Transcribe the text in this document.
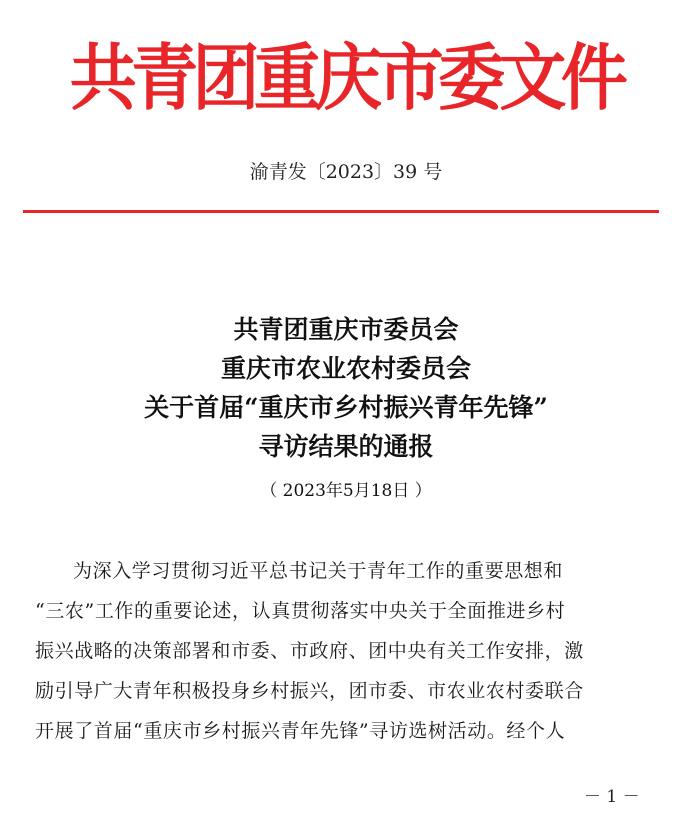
共青团重庆市委文件
渝青发〔2023〕39 号
共青团重庆市委员会
重庆市农业农村委员会
关于首届“重庆市乡村振兴青年先锋”
寻访结果的通报
（ 2023年5月18日 ）
为深入学习贯彻习近平总书记关于青年工作的重要思想和
“三农”工作的重要论述，认真贯彻落实中央关于全面推进乡村
振兴战略的决策部署和市委、市政府、团中央有关工作安排，激
励引导广大青年积极投身乡村振兴，团市委、市农业农村委联合
开展了首届“重庆市乡村振兴青年先锋”寻访选树活动。经个人
－ 1 －
